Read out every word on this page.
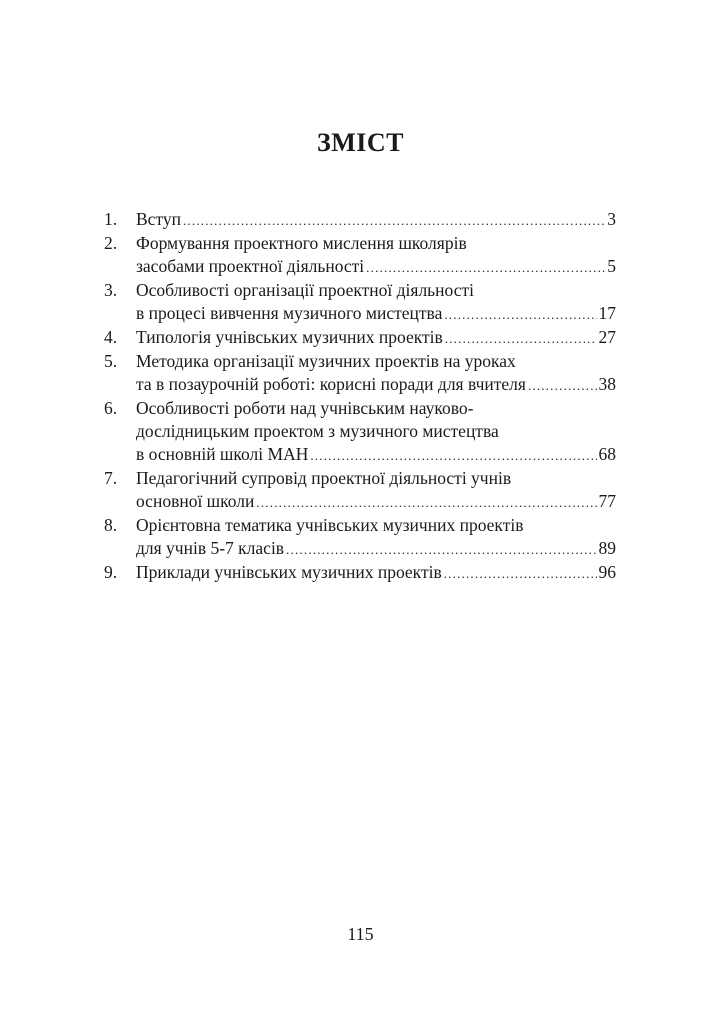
ЗМІСТ
1.	Вступ .....	3
2.	Формування проектного мислення школярів
засобами проектної діяльності .....	5
3.	Особливості організації проектної діяльності
в процесі вивчення музичного мистецтва .....	17
4.	Типологія учнівських музичних проектів .....	27
5.	Методика організації музичних проектів на уроках
та в позаурочній роботі: корисні поради для вчителя .....	38
6.	Особливості роботи над учнівським науково-
дослідницьким проектом з музичного мистецтва
в основній школі МАН .....	68
7.	Педагогічний супровід проектної діяльності учнів
основної школи .....	77
8.	Орієнтовна тематика учнівських музичних проектів
для учнів 5-7 класів .....	89
9.	Приклади учнівських музичних проектів .....	96
115
